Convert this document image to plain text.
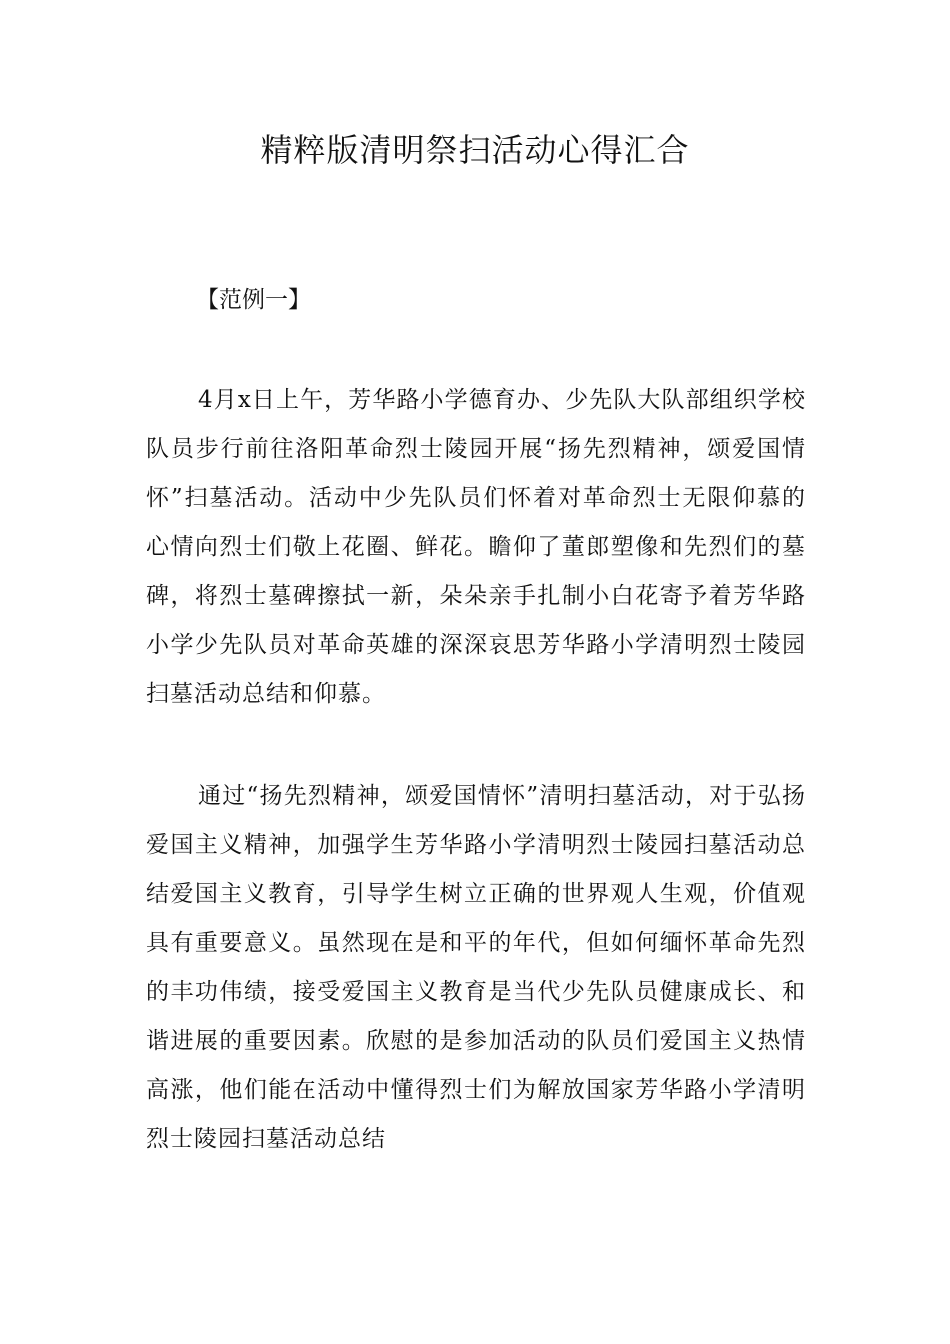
精粹版清明祭扫活动心得汇合

【范例一】

4月x日上午，芳华路小学德育办、少先队大队部组织学校队员步行前往洛阳革命烈士陵园开展“扬先烈精神，颂爱国情怀”扫墓活动。活动中少先队员们怀着对革命烈士无限仰慕的心情向烈士们敬上花圈、鲜花。瞻仰了董郎塑像和先烈们的墓碑，将烈士墓碑擦拭一新，朵朵亲手扎制小白花寄予着芳华路小学少先队员对革命英雄的深深哀思芳华路小学清明烈士陵园扫墓活动总结和仰慕。

通过“扬先烈精神，颂爱国情怀”清明扫墓活动，对于弘扬爱国主义精神，加强学生芳华路小学清明烈士陵园扫墓活动总结爱国主义教育，引导学生树立正确的世界观人生观，价值观具有重要意义。虽然现在是和平的年代，但如何缅怀革命先烈的丰功伟绩，接受爱国主义教育是当代少先队员健康成长、和谐进展的重要因素。欣慰的是参加活动的队员们爱国主义热情高涨，他们能在活动中懂得烈士们为解放国家芳华路小学清明烈士陵园扫墓活动总结
